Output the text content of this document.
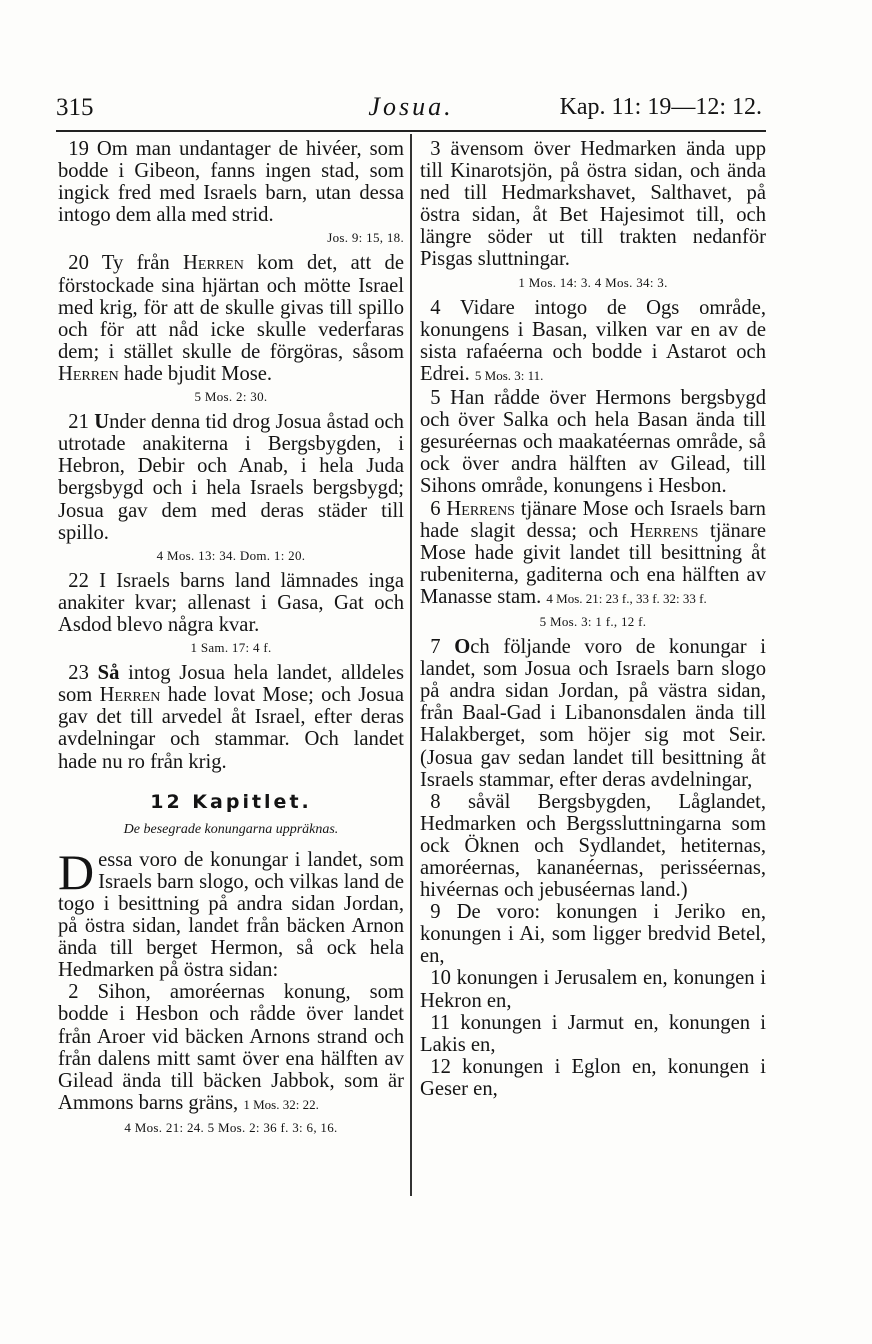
315	Josua.	Kap. 11: 19—12: 12.

19 Om man undantager de hivéer, som bodde i Gibeon, fanns ingen stad, som ingick fred med Israels barn, utan dessa intogo dem alla med strid.

Jos. 9: 15, 18.

20 Ty från Herren kom det, att de förstockade sina hjärtan och mötte Israel med krig, för att de skulle givas till spillo och för att nåd icke skulle vederfaras dem; i stället skulle de förgöras, såsom Herren hade bjudit Mose.

5 Mos. 2: 30.

21 Under denna tid drog Josua åstad och utrotade anakiterna i Bergsbygden, i Hebron, Debir och Anab, i hela Juda bergsbygd och i hela Israels bergsbygd; Josua gav dem med deras städer till spillo.

4 Mos. 13: 34. Dom. 1: 20.

22 I Israels barns land lämnades inga anakiter kvar; allenast i Gasa, Gat och Asdod blevo några kvar.

1 Sam. 17: 4 f.

23 Så intog Josua hela landet, alldeles som Herren hade lovat Mose; och Josua gav det till arvedel åt Israel, efter deras avdelningar och stammar. Och landet hade nu ro från krig.

12 Kapitlet.
De besegrade konungarna uppräknas.

Dessa voro de konungar i landet, som Israels barn slogo, och vilkas land de togo i besittning på andra sidan Jordan, på östra sidan, landet från bäcken Arnon ända till berget Hermon, så ock hela Hedmarken på östra sidan:

2 Sihon, amoréernas konung, som bodde i Hesbon och rådde över landet från Aroer vid bäcken Arnons strand och från dalens mitt samt över ena hälften av Gilead ända till bäcken Jabbok, som är Ammons barns gräns, 1 Mos. 32: 22.

4 Mos. 21: 24. 5 Mos. 2: 36 f. 3: 6, 16.

3 ävensom över Hedmarken ända upp till Kinarotsjön, på östra sidan, och ända ned till Hedmarkshavet, Salthavet, på östra sidan, åt Bet Hajesimot till, och längre söder ut till trakten nedanför Pisgas sluttningar.

1 Mos. 14: 3. 4 Mos. 34: 3.

4 Vidare intogo de Ogs område, konungens i Basan, vilken var en av de sista rafaéerna och bodde i Astarot och Edrei. 5 Mos. 3: 11.

5 Han rådde över Hermons bergsbygd och över Salka och hela Basan ända till gesuréernas och maakatéernas område, så ock över andra hälften av Gilead, till Sihons område, konungens i Hesbon.

6 Herrens tjänare Mose och Israels barn hade slagit dessa; och Herrens tjänare Mose hade givit landet till besittning åt rubeniterna, gaditerna och ena hälften av Manasse stam. 4 Mos. 21: 23 f., 33 f. 32: 33 f.

5 Mos. 3: 1 f., 12 f.

7 Och följande voro de konungar i landet, som Josua och Israels barn slogo på andra sidan Jordan, på västra sidan, från Baal-Gad i Libanonsdalen ända till Halakberget, som höjer sig mot Seir. (Josua gav sedan landet till besittning åt Israels stammar, efter deras avdelningar,

8 såväl Bergsbygden, Låglandet, Hedmarken och Bergssluttningarna som ock Öknen och Sydlandet, hetiternas, amoréernas, kananéernas, perisséernas, hivéernas och jebuséernas land.)

9 De voro: konungen i Jeriko en, konungen i Ai, som ligger bredvid Betel, en,

10 konungen i Jerusalem en, konungen i Hekron en,

11 konungen i Jarmut en, konungen i Lakis en,

12 konungen i Eglon en, konungen i Geser en,
